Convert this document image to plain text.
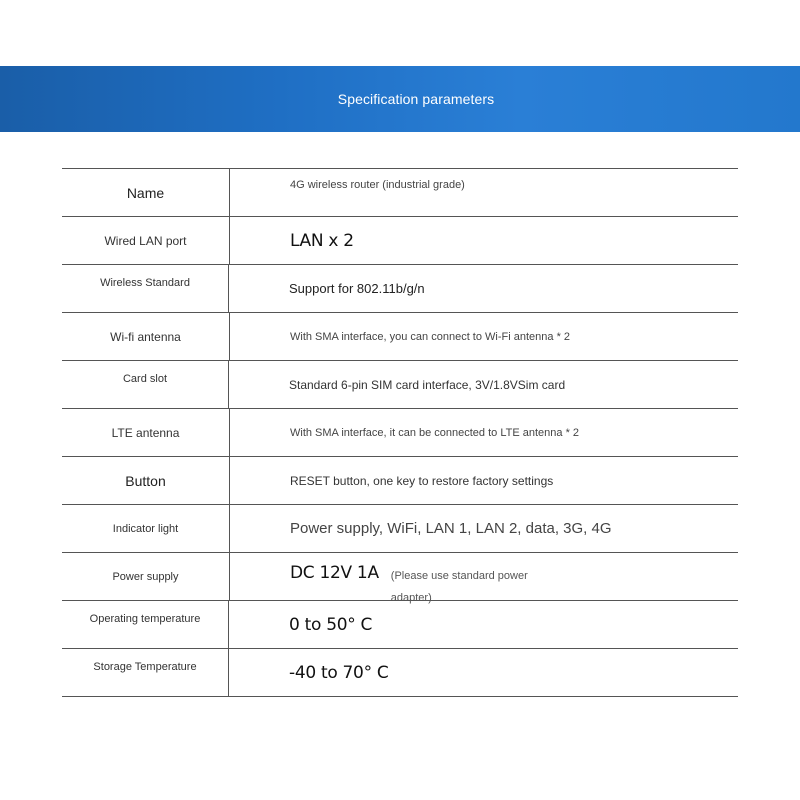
Specification parameters
Name	4G wireless router (industrial grade)
Wired LAN port	LAN x 2
Wireless Standard	Support for 802.11b/g/n
Wi-fi antenna	With SMA interface, you can connect to Wi-Fi antenna * 2
Card slot	Standard 6-pin SIM card interface, 3V/1.8VSim card
LTE antenna	With SMA interface, it can be connected to LTE antenna * 2
Button	RESET button, one key to restore factory settings
Indicator light	Power supply, WiFi, LAN 1, LAN 2, data, 3G, 4G
Power supply	DC 12V 1A (Please use standard power adapter)
Operating temperature	0 to 50° C
Storage Temperature	-40 to 70° C
